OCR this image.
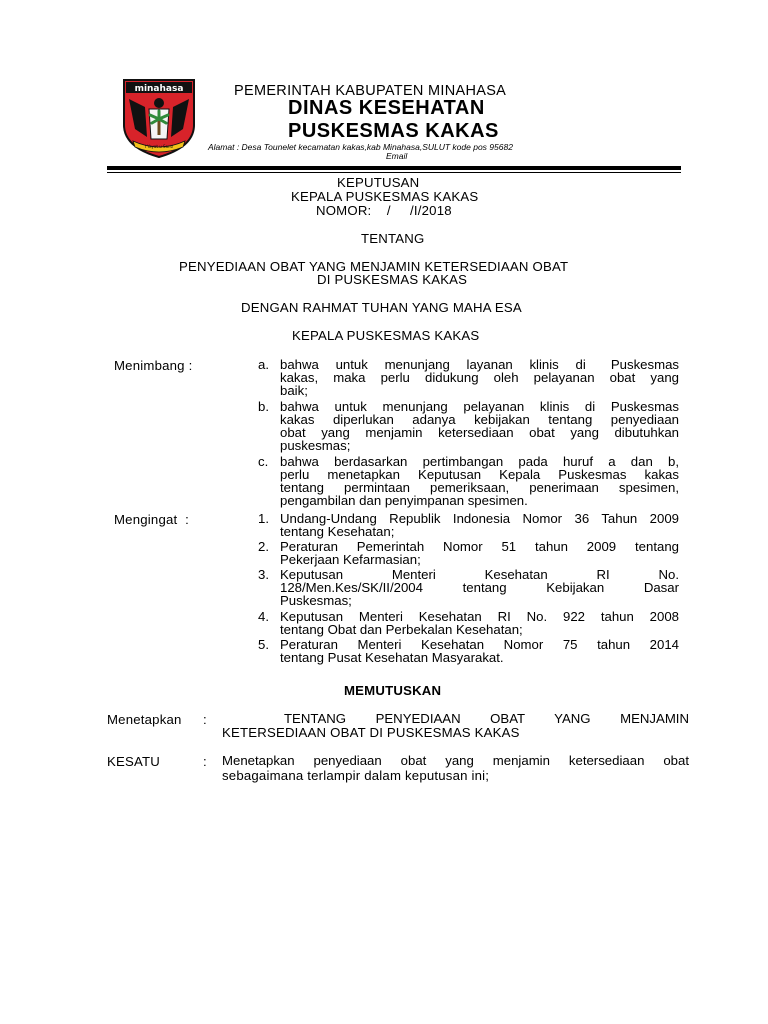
minahasa
I Yayat u Santi
PEMERINTAH KABUPATEN MINAHASA
DINAS KESEHATAN
PUSKESMAS KAKAS
Alamat : Desa Tounelet kecamatan kakas,kab Minahasa,SULUT kode pos 95682
Email
KEPUTUSAN
KEPALA PUSKESMAS KAKAS
NOMOR:    /     /I/2018
TENTANG
PENYEDIAAN OBAT YANG MENJAMIN KETERSEDIAAN OBAT
DI PUSKESMAS KAKAS
DENGAN RAHMAT TUHAN YANG MAHA ESA
KEPALA PUSKESMAS KAKAS
Menimbang :	a. bahwa  untuk  menunjang  layanan  klinis  di   Puskesmas
kakas, maka perlu didukung oleh pelayanan obat yang
baik;
b. bahwa untuk menunjang pelayanan klinis di Puskesmas
kakas diperlukan adanya kebijakan tentang penyediaan
obat yang menjamin ketersediaan obat yang dibutuhkan
puskesmas;
c. bahwa berdasarkan pertimbangan pada huruf a dan b,
perlu menetapkan Keputusan Kepala Puskesmas kakas
tentang permintaan pemeriksaan, penerimaan spesimen,
pengambilan dan penyimpanan spesimen.
Mengingat  :	1. Undang-Undang Republik Indonesia Nomor 36 Tahun 2009
tentang Kesehatan;
2. Peraturan Pemerintah Nomor 51 tahun 2009 tentang
Pekerjaan Kefarmasian;
3. Keputusan Menteri Kesehatan RI No.
128/Men.Kes/SK/II/2004 tentang Kebijakan Dasar
Puskesmas;
4. Keputusan Menteri Kesehatan RI No. 922 tahun 2008
tentang Obat dan Perbekalan Kesehatan;
5. Peraturan Menteri Kesehatan Nomor 75 tahun 2014
tentang Pusat Kesehatan Masyarakat.
MEMUTUSKAN
Menetapkan :	TENTANG PENYEDIAAN OBAT YANG MENJAMIN
KETERSEDIAAN OBAT DI PUSKESMAS KAKAS
KESATU	: Menetapkan penyediaan obat yang menjamin ketersediaan obat
sebagaimana terlampir dalam keputusan ini;
